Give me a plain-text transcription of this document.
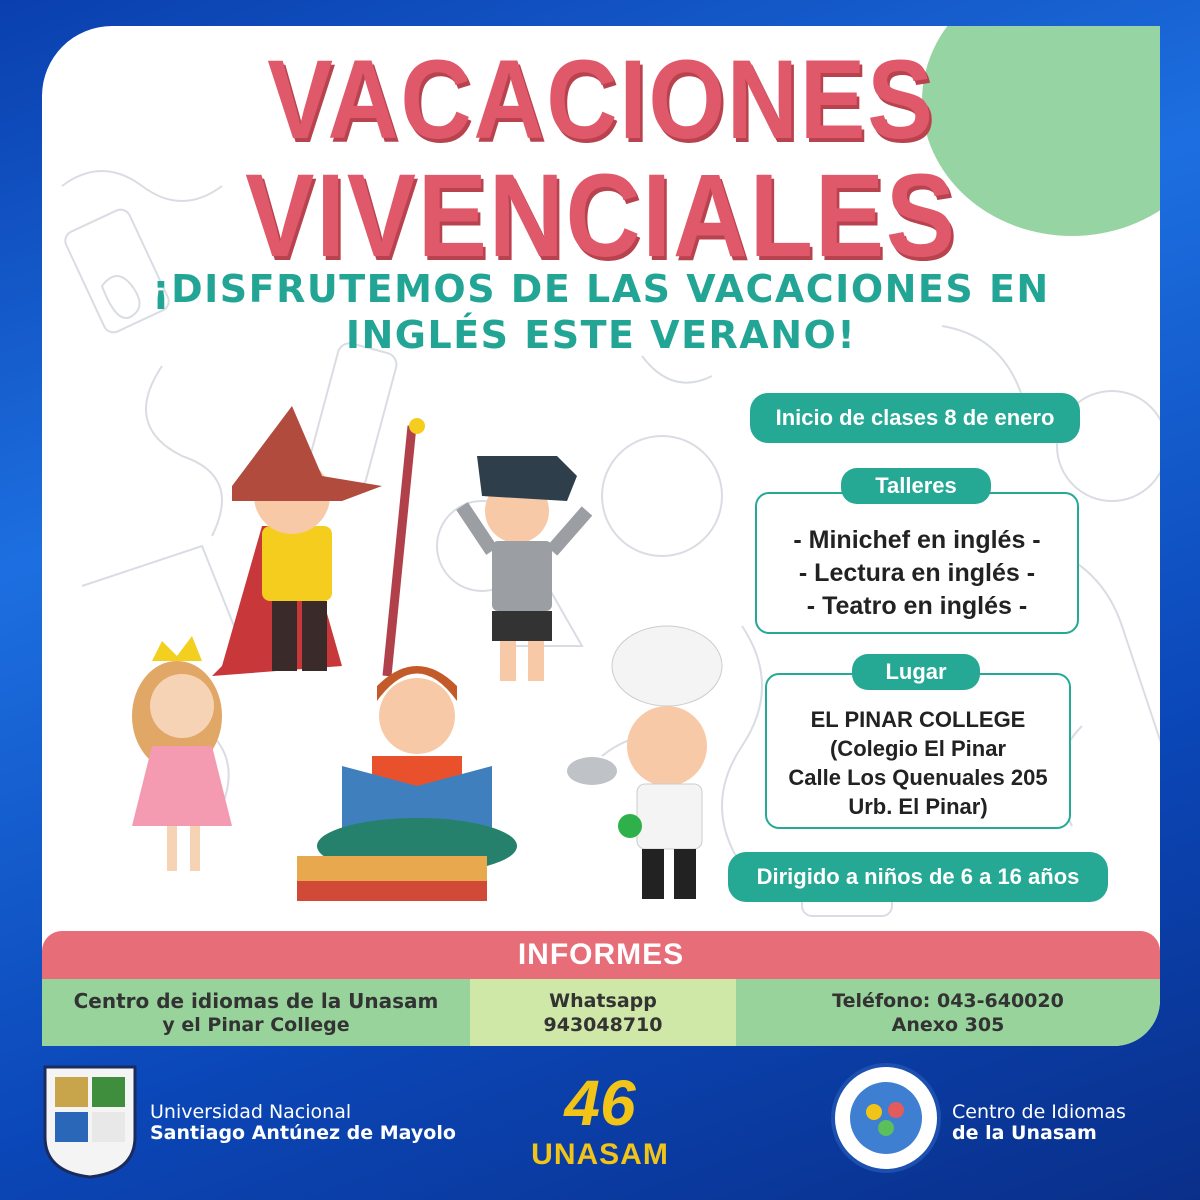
VACACIONES
VIVENCIALES
¡DISFRUTEMOS DE LAS VACACIONES EN
INGLÉS ESTE VERANO!
Inicio de clases 8 de enero
- Minichef en inglés -
- Lectura en inglés -
- Teatro en inglés -
Talleres
EL PINAR COLLEGE
(Colegio El Pinar
Calle Los Quenuales 205
Urb. El Pinar)
Lugar
Dirigido a niños de 6 a 16 años
INFORMES
Centro de idiomas de la Unasam
y el Pinar College
Whatsapp
943048710
Teléfono: 043-640020
Anexo 305
Universidad Nacional
Santiago Antúnez de Mayolo	46
UNASAM
Centro de Idiomas
de la Unasam
